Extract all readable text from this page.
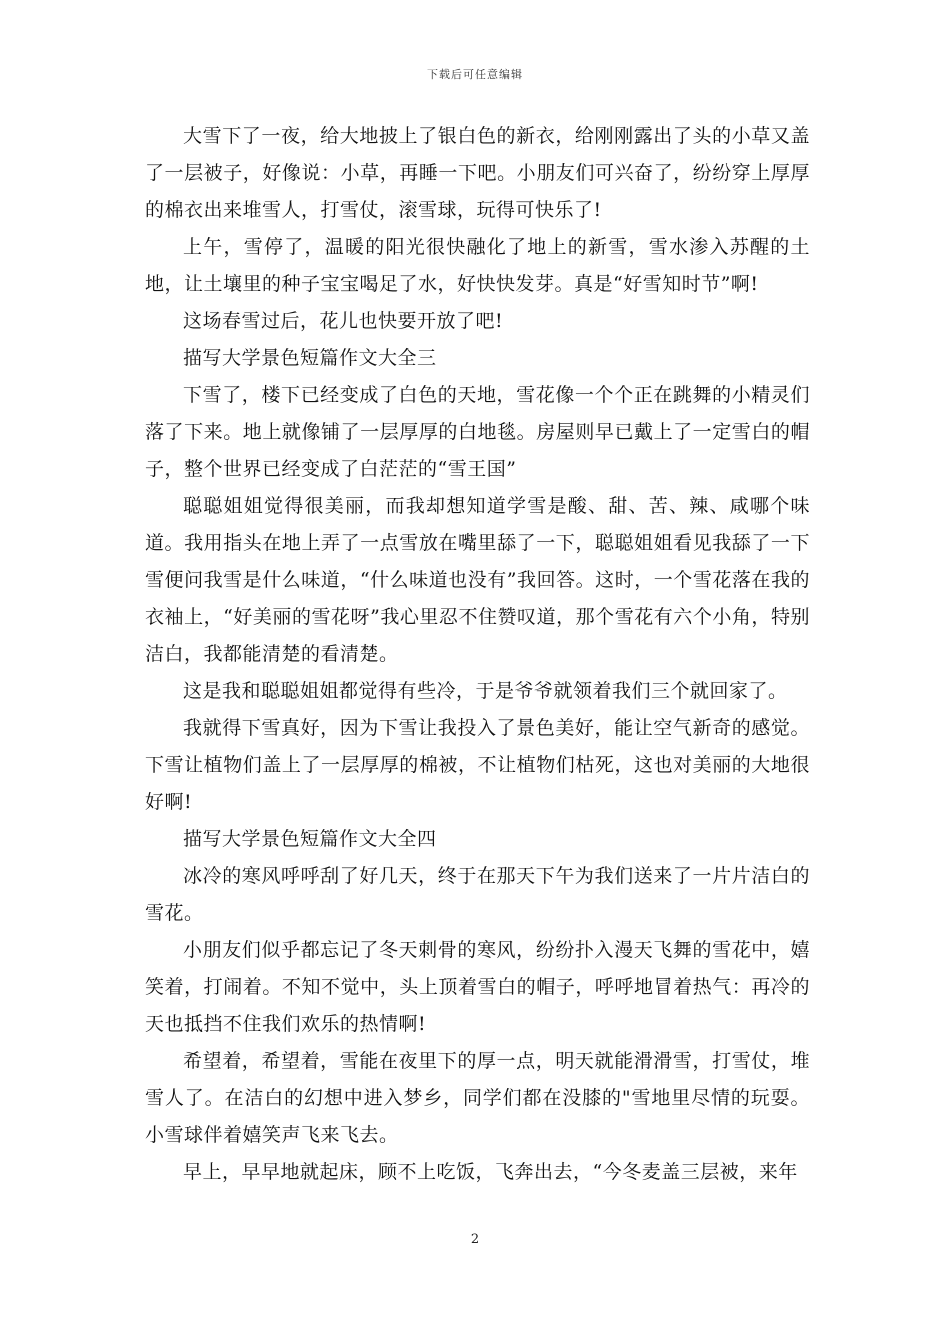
下载后可任意编辑

大雪下了一夜，给大地披上了银白色的新衣，给刚刚露出了头的小草又盖了一层被子，好像说：小草，再睡一下吧。小朋友们可兴奋了，纷纷穿上厚厚的棉衣出来堆雪人，打雪仗，滚雪球，玩得可快乐了!

上午，雪停了，温暖的阳光很快融化了地上的新雪，雪水渗入苏醒的土地，让土壤里的种子宝宝喝足了水，好快快发芽。真是“好雪知时节”啊!

这场春雪过后，花儿也快要开放了吧!

描写大学景色短篇作文大全三

下雪了，楼下已经变成了白色的天地，雪花像一个个正在跳舞的小精灵们落了下来。地上就像铺了一层厚厚的白地毯。房屋则早已戴上了一定雪白的帽子，整个世界已经变成了白茫茫的“雪王国”

聪聪姐姐觉得很美丽，而我却想知道学雪是酸、甜、苦、辣、咸哪个味道。我用指头在地上弄了一点雪放在嘴里舔了一下，聪聪姐姐看见我舔了一下雪便问我雪是什么味道，“什么味道也没有”我回答。这时，一个雪花落在我的衣袖上，“好美丽的雪花呀”我心里忍不住赞叹道，那个雪花有六个小角，特别洁白，我都能清楚的看清楚。

这是我和聪聪姐姐都觉得有些冷，于是爷爷就领着我们三个就回家了。

我就得下雪真好，因为下雪让我投入了景色美好，能让空气新奇的感觉。下雪让植物们盖上了一层厚厚的棉被，不让植物们枯死，这也对美丽的大地很好啊!

描写大学景色短篇作文大全四

冰冷的寒风呼呼刮了好几天，终于在那天下午为我们送来了一片片洁白的雪花。

小朋友们似乎都忘记了冬天刺骨的寒风，纷纷扑入漫天飞舞的雪花中，嬉笑着，打闹着。不知不觉中，头上顶着雪白的帽子，呼呼地冒着热气：再冷的天也抵挡不住我们欢乐的热情啊!

希望着，希望着，雪能在夜里下的厚一点，明天就能滑滑雪，打雪仗，堆雪人了。在洁白的幻想中进入梦乡，同学们都在没膝的"雪地里尽情的玩耍。小雪球伴着嬉笑声飞来飞去。

早上，早早地就起床，顾不上吃饭，飞奔出去，“今冬麦盖三层被，来年

2
